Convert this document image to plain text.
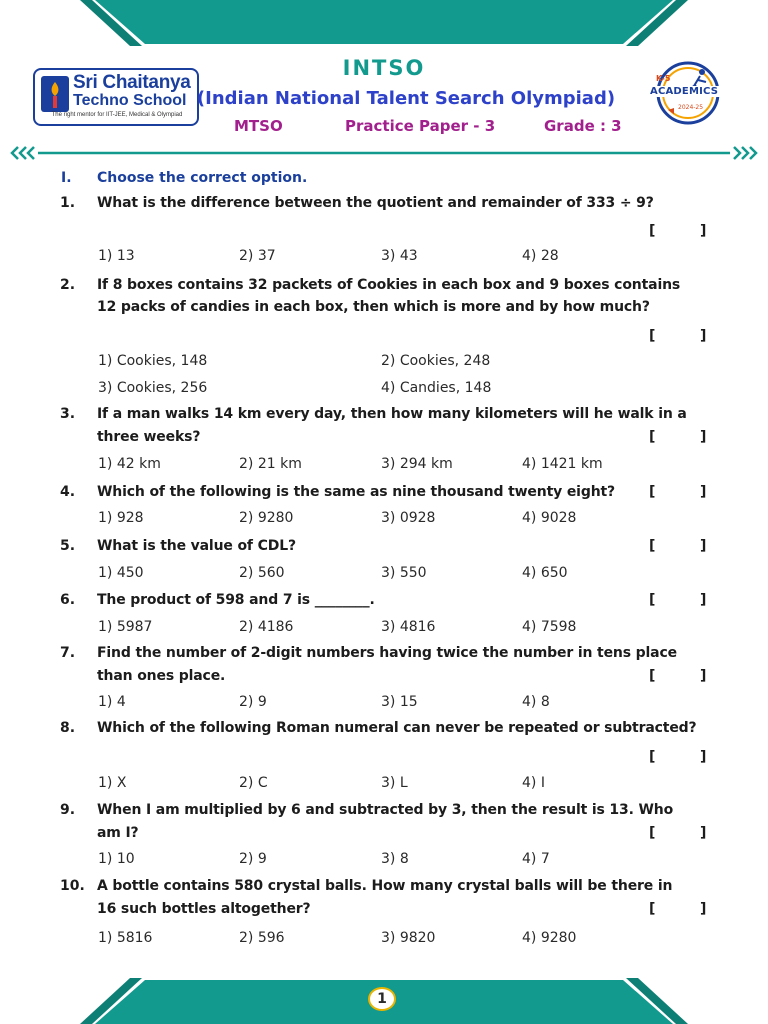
Sri Chaitanya
Techno School
The right mentor for IIT-JEE, Medical & Olympiad
INTSO
(Indian National Talent Search Olympiad)
MTSO	Practice Paper - 3	Grade : 3
K-5
ACADEMICS
2024-25
I. Choose the correct option.
1. What is the difference between the quotient and remainder of 333 ÷ 9?
[	]
1) 13	2) 37	3) 43	4) 28
2. If 8 boxes contains 32 packets of Cookies in each box and 9 boxes contains
12 packs of candies in each box, then which is more and by how much?
[	]
1) Cookies, 148	2) Cookies, 248
3) Cookies, 256	4) Candies, 148
3. If a man walks 14 km every day, then how many kilometers will he walk in a
three weeks?	[	]
1) 42 km	2) 21 km	3) 294 km	4) 1421 km
4. Which of the following is the same as nine thousand twenty eight? [	]
1) 928	2) 9280	3) 0928	4) 9028
5. What is the value of CDL?	[	]
1) 450	2) 560	3) 550	4) 650
6. The product of 598 and 7 is ________.	[	]
1) 5987	2) 4186	3) 4816	4) 7598
7. Find the number of 2-digit numbers having twice the number in tens place
than ones place.	[	]
1) 4	2) 9	3) 15	4) 8
8. Which of the following Roman numeral can never be repeated or subtracted?
[	]
1) X	2) C	3) L	4) I
9. When I am multiplied by 6 and subtracted by 3, then the result is 13. Who
am I?	[	]
1) 10	2) 9	3) 8	4) 7
10. A bottle contains 580 crystal balls. How many crystal balls will be there in
16 such bottles altogether?	[	]
1) 5816	2) 596	3) 9820	4) 9280
1
